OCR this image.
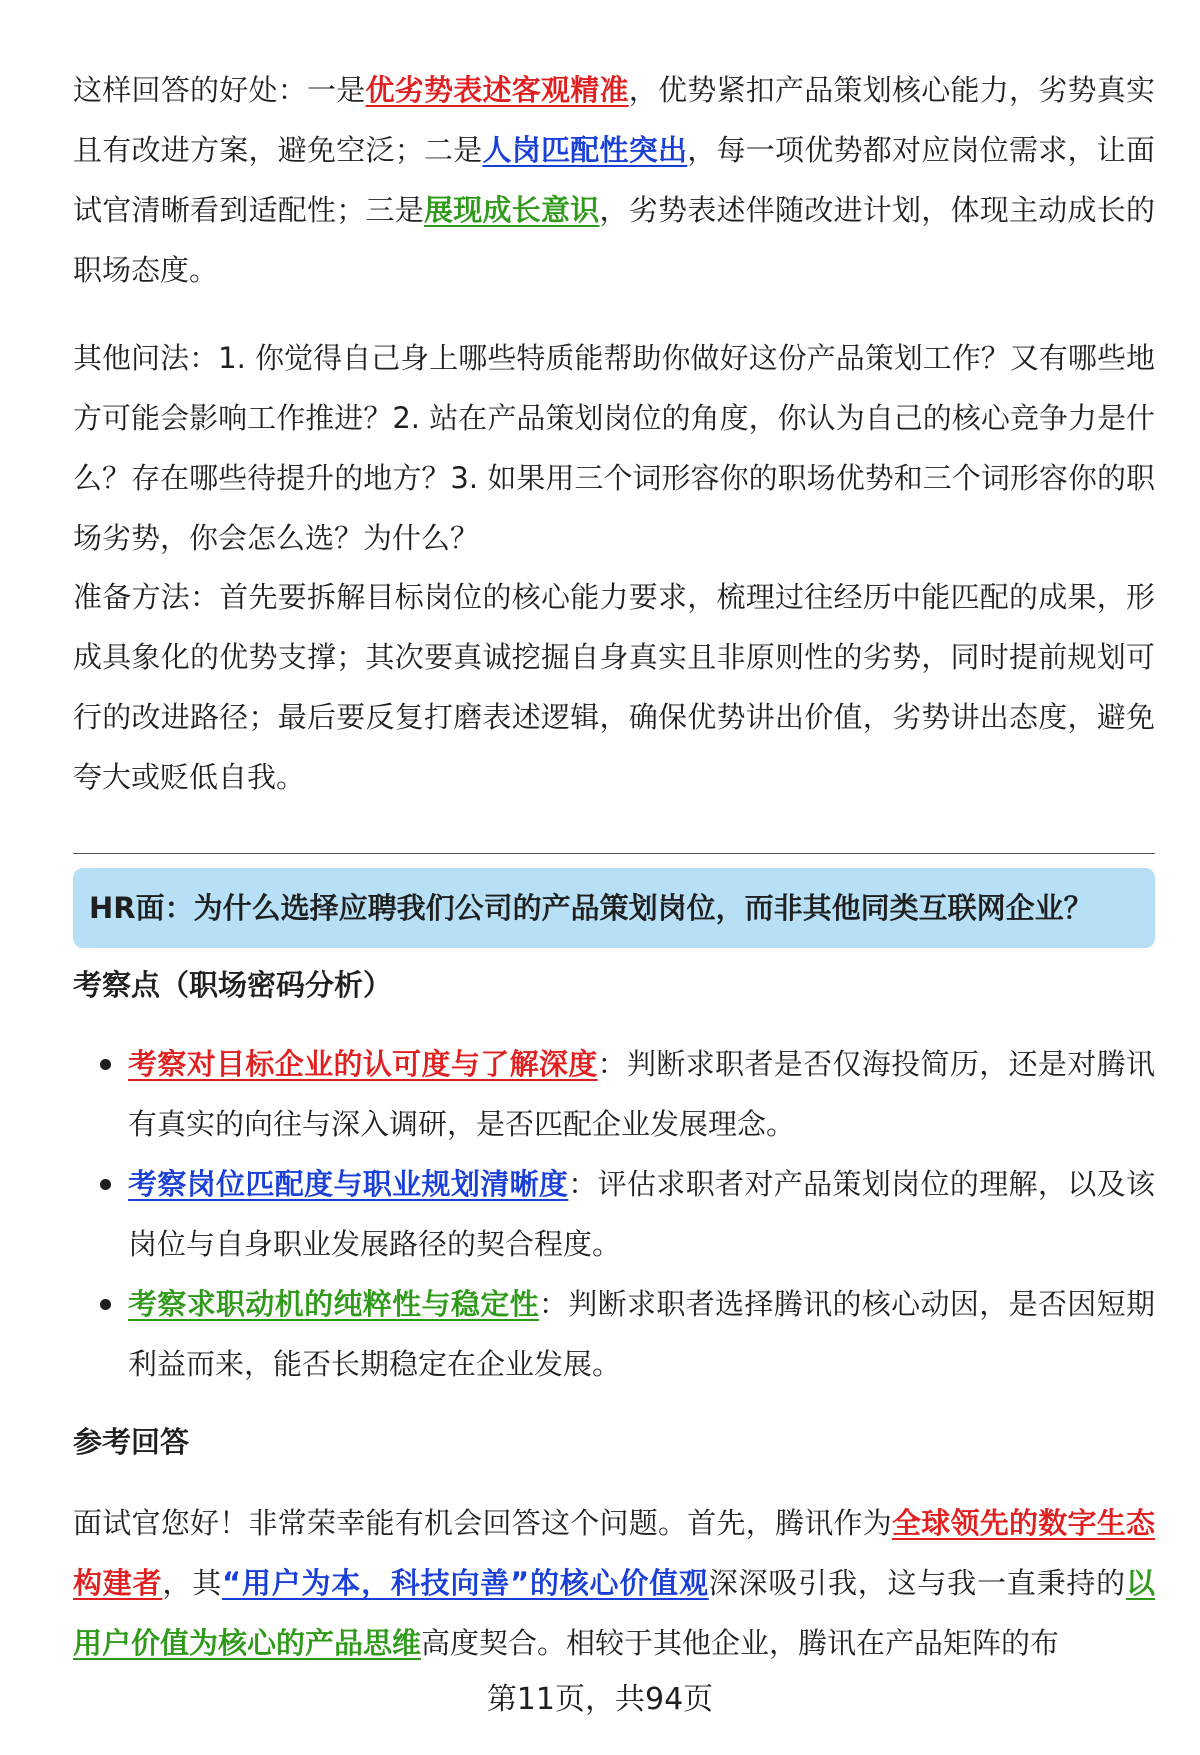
这样回答的好处：一是优劣势表述客观精准，优势紧扣产品策划核心能力，劣势真实且有改进方案，避免空泛；二是人岗匹配性突出，每一项优势都对应岗位需求，让面试官清晰看到适配性；三是展现成长意识，劣势表述伴随改进计划，体现主动成长的职场态度。

其他问法：1. 你觉得自己身上哪些特质能帮助你做好这份产品策划工作？又有哪些地方可能会影响工作推进？2. 站在产品策划岗位的角度，你认为自己的核心竞争力是什么？存在哪些待提升的地方？3. 如果用三个词形容你的职场优势和三个词形容你的职场劣势，你会怎么选？为什么？

准备方法：首先要拆解目标岗位的核心能力要求，梳理过往经历中能匹配的成果，形成具象化的优势支撑；其次要真诚挖掘自身真实且非原则性的劣势，同时提前规划可行的改进路径；最后要反复打磨表述逻辑，确保优势讲出价值，劣势讲出态度，避免夸大或贬低自我。

HR面：为什么选择应聘我们公司的产品策划岗位，而非其他同类互联网企业？

考察点（职场密码分析）

考察对目标企业的认可度与了解深度：判断求职者是否仅海投简历，还是对腾讯有真实的向往与深入调研，是否匹配企业发展理念。
考察岗位匹配度与职业规划清晰度：评估求职者对产品策划岗位的理解，以及该岗位与自身职业发展路径的契合程度。
考察求职动机的纯粹性与稳定性：判断求职者选择腾讯的核心动因，是否因短期利益而来，能否长期稳定在企业发展。

参考回答

面试官您好！非常荣幸能有机会回答这个问题。首先，腾讯作为全球领先的数字生态构建者，其“用户为本，科技向善”的核心价值观深深吸引我，这与我一直秉持的以用户价值为核心的产品思维高度契合。相较于其他企业，腾讯在产品矩阵的布

第11页，共94页
